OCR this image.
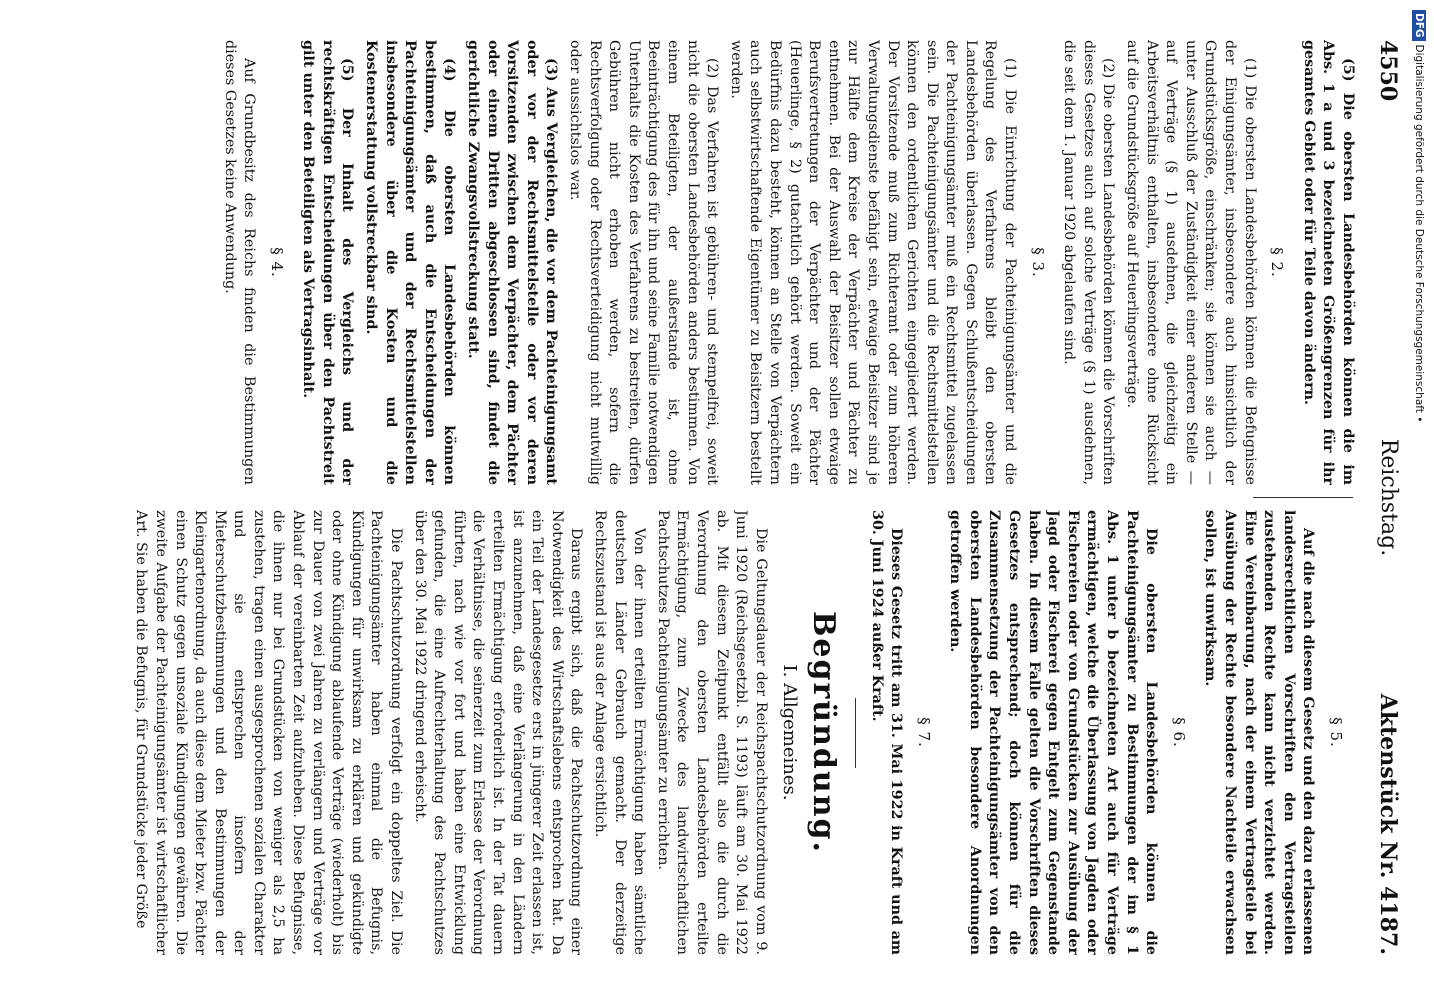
4550
Reichstag.
Aktenstück Nr. 4187.

(5) Die obersten Landesbehörden können die im Abs. 1 a und 3 bezeichneten Größengrenzen für ihr gesamtes Gebiet oder für Teile davon ändern.

§ 2.

(1) Die obersten Landesbehörden können die Befugnisse der Einigungsämter, insbesondere auch hinsichtlich der Grundstücksgröße, einschränken; sie können sie auch — unter Ausschluß der Zuständigkeit einer anderen Stelle — auf Verträge (§ 1) ausdehnen, die gleichzeitig ein Arbeitsverhältnis enthalten, insbesondere ohne Rücksicht auf die Grundstücksgröße auf Heuerlingsverträge.

(2) Die obersten Landesbehörden können die Vorschriften dieses Gesetzes auch auf solche Verträge (§ 1) ausdehnen, die seit dem 1. Januar 1920 abgelaufen sind.

§ 3.

(1) Die Einrichtung der Pachteinigungsämter und die Regelung des Verfahrens bleibt den obersten Landesbehörden überlassen. Gegen Schlußentscheidungen der Pachteinigungsämter muß ein Rechtsmittel zugelassen sein. Die Pachteinigungsämter und die Rechtsmittelstellen können den ordentlichen Gerichten eingegliedert werden. Der Vorsitzende muß zum Richteramt oder zum höheren Verwaltungsdienste befähigt sein, etwaige Beisitzer sind je zur Hälfte dem Kreise der Verpächter und Pächter zu entnehmen. Bei der Auswahl der Beisitzer sollen etwaige Berufsvertretungen der Verpächter und der Pächter (Heuerlinge, § 2) gutachtlich gehört werden. Soweit ein Bedürfnis dazu besteht, können an Stelle von Verpächtern auch selbstwirtschaftende Eigentümer zu Beisitzern bestellt werden.

(2) Das Verfahren ist gebühren- und stempelfrei, soweit nicht die obersten Landesbehörden anders bestimmen. Von einem Beteiligten, der außerstande ist, ohne Beeinträchtigung des für ihn und seine Familie notwendigen Unterhalts die Kosten des Verfahrens zu bestreiten, dürfen Gebühren nicht erhoben werden, sofern die Rechtsverfolgung oder Rechtsverteidigung nicht mutwillig oder aussichtslos war.

(3) Aus Vergleichen, die vor dem Pachteinigungsamt oder vor der Rechtsmittelstelle oder vor deren Vorsitzenden zwischen dem Verpächter, dem Pächter oder einem Dritten abgeschlossen sind, findet die gerichtliche Zwangsvollstreckung statt.

(4) Die obersten Landesbehörden können bestimmen, daß auch die Entscheidungen der Pachteinigungsämter und der Rechtsmittelstellen insbesondere über die Kosten und die Kostenerstattung vollstreckbar sind.

(5) Der Inhalt des Vergleichs und der rechtskräftigen Entscheidungen über den Pachtstreit gilt unter den Beteiligten als Vertragsinhalt.

§ 4.

Auf Grundbesitz des Reichs finden die Bestimmungen dieses Gesetzes keine Anwendung.

§ 5.

Auf die nach diesem Gesetz und den dazu erlassenen landesrechtlichen Vorschriften den Vertragsteilen zustehenden Rechte kann nicht verzichtet werden. Eine Vereinbarung, nach der einem Vertragsteile bei Ausübung der Rechte besondere Nachteile erwachsen sollen, ist unwirksam.

§ 6.

Die obersten Landesbehörden können die Pachteinigungsämter zu Bestimmungen der im § 1 Abs. 1 unter b bezeichneten Art auch für Verträge ermächtigen, welche die Überlassung von Jagden oder Fischereien oder von Grundstücken zur Ausübung der Jagd oder Fischerei gegen Entgelt zum Gegenstande haben. In diesem Falle gelten die Vorschriften dieses Gesetzes entsprechend; doch können für die Zusammensetzung der Pachteinigungsämter von den obersten Landesbehörden besondere Anordnungen getroffen werden.

§ 7.

Dieses Gesetz tritt am 31. Mai 1922 in Kraft und am 30. Juni 1924 außer Kraft.

Begründung.
I. Allgemeines.

Die Geltungsdauer der Reichspachtschutzordnung vom 9. Juni 1920 (Reichsgesetzbl. S. 1193) läuft am 30. Mai 1922 ab. Mit diesem Zeitpunkt entfällt also die durch die Verordnung den obersten Landesbehörden erteilte Ermächtigung, zum Zwecke des landwirtschaftlichen Pachtschutzes Pachteinigungsämter zu errichten.

Von der ihnen erteilten Ermächtigung haben sämtliche deutschen Länder Gebrauch gemacht. Der derzeitige Rechtszustand ist aus der Anlage ersichtlich.

Daraus ergibt sich, daß die Pachtschutzordnung einer Notwendigkeit des Wirtschaftslebens entsprochen hat. Da ein Teil der Landesgesetze erst in jüngerer Zeit erlassen ist, ist anzunehmen, daß eine Verlängerung in den Ländern erteilten Ermächtigung erforderlich ist. In der Tat dauern die Verhältnisse, die seinerzeit zum Erlasse der Verordnung führten, nach wie vor fort und haben eine Entwicklung gefunden, die eine Aufrechterhaltung des Pachtschutzes über den 30. Mai 1922 dringend erheischt.

Die Pachtschutzordnung verfolgt ein doppeltes Ziel. Die Pachteinigungsämter haben einmal die Befugnis, Kündigungen für unwirksam zu erklären und gekündigte oder ohne Kündigung ablaufende Verträge (wiederholt) bis zur Dauer von zwei Jahren zu verlängern und Verträge vor Ablauf der vereinbarten Zeit aufzuheben. Diese Befugnisse, die ihnen nur bei Grundstücken von weniger als 2,5 ha zustehen, tragen einen ausgesprochenen sozialen Charakter und sie entsprechen insofern der Mieterschutzbestimmungen und den Bestimmungen der Kleingartenordnung, da auch diese dem Mieter bzw. Pächter einen Schutz gegen unsoziale Kündigungen gewähren. Die zweite Aufgabe der Pachteinigungsämter ist wirtschaftlicher Art. Sie haben die Befugnis, für Grundstücke jeder Größe

DFGDigitalisierung gefördert durch die Deutsche Forschungsgemeinschaft •
